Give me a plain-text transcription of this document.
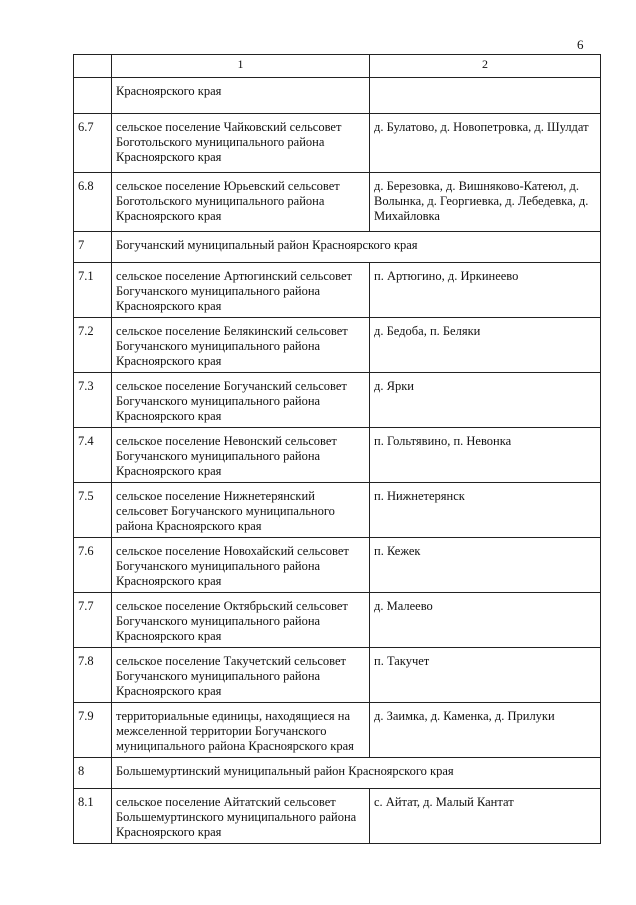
6
	1	2
	Красноярского края	
6.7	сельское поселение Чайковский сельсовет Боготольского муниципального района Красноярского края	д. Булатово, д. Новопетровка, д. Шулдат
6.8	сельское поселение Юрьевский сельсовет Боготольского муниципального района Красноярского края	д. Березовка, д. Вишняково-Катеюл, д. Волынка, д. Георгиевка, д. Лебедевка, д. Михайловка
7	Богучанский муниципальный район Красноярского края	
7.1	сельское поселение Артюгинский сельсовет Богучанского муниципального района Красноярского края	п. Артюгино, д. Иркинеево
7.2	сельское поселение Белякинский сельсовет Богучанского муниципального района Красноярского края	д. Бедоба, п. Беляки
7.3	сельское поселение Богучанский сельсовет Богучанского муниципального района Красноярского края	д. Ярки
7.4	сельское поселение Невонский сельсовет Богучанского муниципального района Красноярского края	п. Гольтявино, п. Невонка
7.5	сельское поселение Нижнетерянский сельсовет Богучанского муниципального района Красноярского края	п. Нижнетерянск
7.6	сельское поселение Новохайский сельсовет Богучанского муниципального района Красноярского края	п. Кежек
7.7	сельское поселение Октябрьский сельсовет Богучанского муниципального района Красноярского края	д. Малеево
7.8	сельское поселение Такучетский сельсовет Богучанского муниципального района Красноярского края	п. Такучет
7.9	территориальные единицы, находящиеся на межселенной территории Богучанского муниципального района Красноярского края	д. Заимка, д. Каменка, д. Прилуки
8	Большемуртинский муниципальный район Красноярского края	
8.1	сельское поселение Айтатский сельсовет Большемуртинского муниципального района Красноярского края	с. Айтат, д. Малый Кантат
